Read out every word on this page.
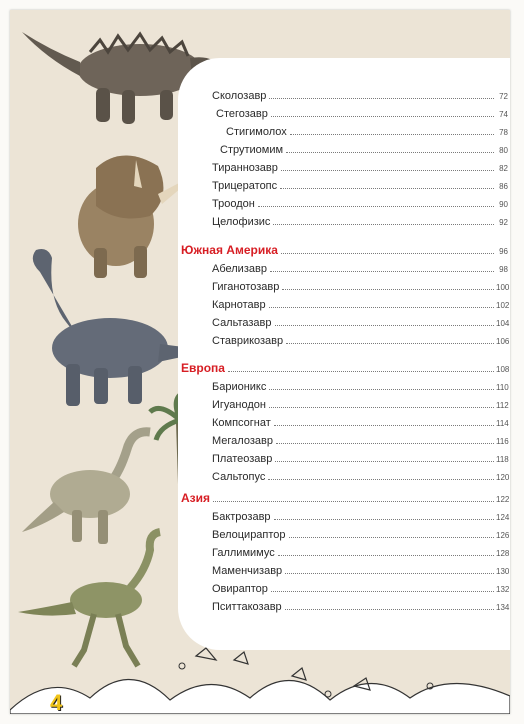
Сколозавр	72
Стегозавр	74
Стигимолох	78
Струтиомим	80
Тираннозавр	82
Трицератопс	86
Троодон	90
Целофизис	92
Южная Америка	96
Абелизавр	98
Гиганотозавр	100
Карнотавр	102
Сальтазавр	104
Ставрикозавр	106
Европа	108
Барионикс	110
Игуанодон	112
Компсогнат	114
Мегалозавр	116
Платеозавр	118
Сальтопус	120
Азия	122
Бактрозавр	124
Велоцираптор	126
Галлимимус	128
Маменчизавр	130
Овираптор	132
Пситтакозавр	134
4
